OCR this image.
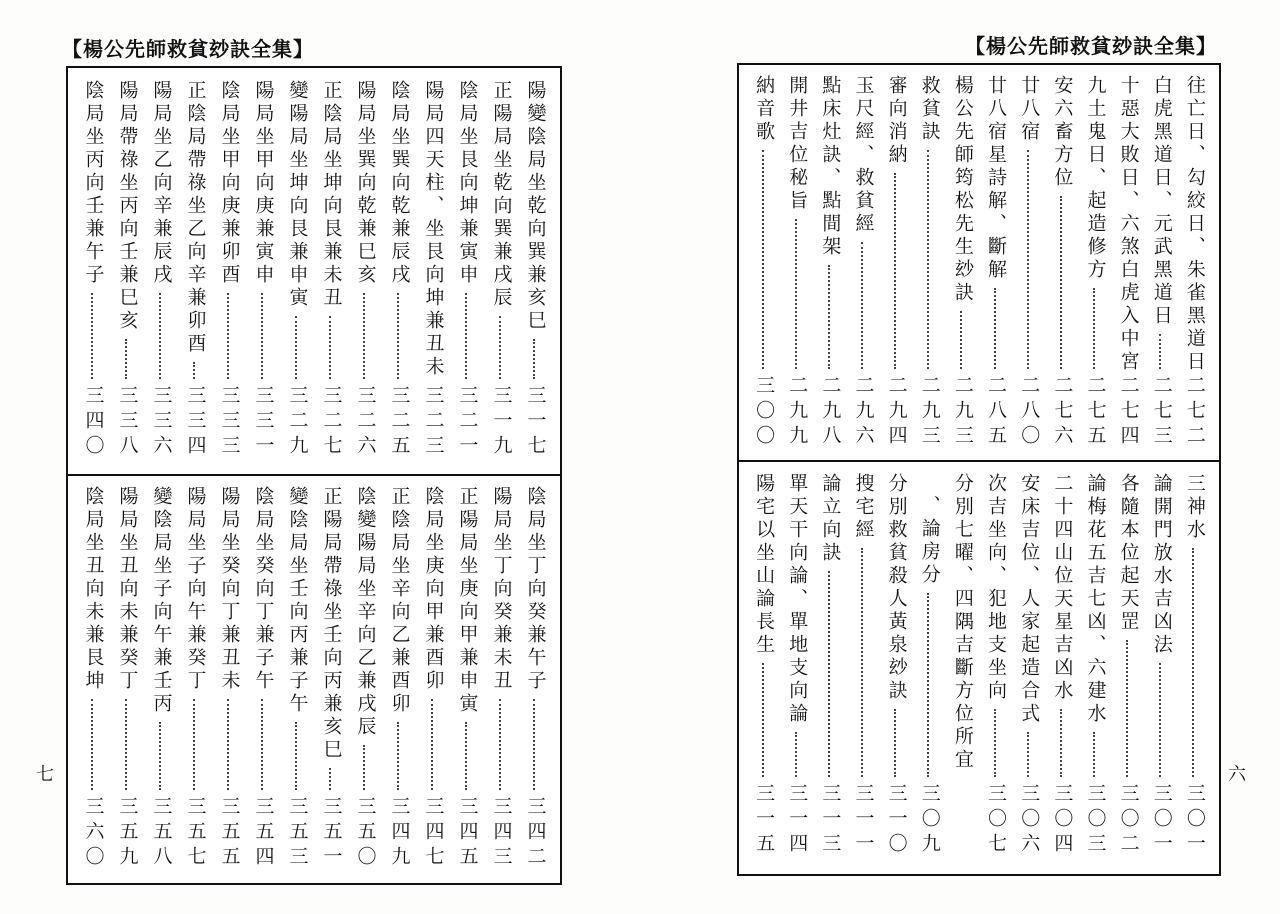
【楊公先師救貧玅訣全集】	【楊公先師救貧玅訣全集】
陽變陰局坐乾向巽兼亥巳
三一七
正陽局坐乾向巽兼戌辰
三一九
陰局坐艮向坤兼寅申
三二一
陽局四天柱、坐艮向坤兼丑未
三二三
陰局坐巽向乾兼辰戌
三二五
陽局坐巽向乾兼巳亥
三二六
正陰局坐坤向艮兼未丑
三二七
變陽局坐坤向艮兼申寅
三二九
陽局坐甲向庚兼寅申
三三一
陰局坐甲向庚兼卯酉
三三三
正陰局帶祿坐乙向辛兼卯酉
三三四
陽局坐乙向辛兼辰戌
三三六
陽局帶祿坐丙向壬兼巳亥
三三八
陰局坐丙向壬兼午子
三四〇
陰局坐丁向癸兼午子
三四二
陽局坐丁向癸兼未丑
三四三
正陽局坐庚向甲兼申寅
三四五
陰局坐庚向甲兼酉卯
三四七
正陰局坐辛向乙兼酉卯
三四九
陰變陽局坐辛向乙兼戌辰
三五〇
正陽局帶祿坐壬向丙兼亥巳
三五一
變陰局坐壬向丙兼子午
三五三
陰局坐癸向丁兼子午
三五四
陽局坐癸向丁兼丑未
三五五
陽局坐子向午兼癸丁
三五七
變陰局坐子向午兼壬丙
三五八
陽局坐丑向未兼癸丁
三五九
陰局坐丑向未兼艮坤
三六〇
往亡日、勾絞日、朱雀黑道日
二七二
白虎黑道日、元武黑道日
二七三
十惡大敗日、六煞白虎入中宮
二七四
九土鬼日、起造修方
二七五
安六畜方位
二七六
廿八宿
二八〇
廿八宿星詩解、斷解
二八五
楊公先師筠松先生玅訣
二九三
救貧訣
二九三
審向消納
二九四
玉尺經、救貧經
二九六
點床灶訣、點間架
二九八
開井吉位秘旨
二九九
納音歌
三〇〇
三神水
三〇一
論開門放水吉凶法
三〇一
各隨本位起天罡
三〇二
論梅花五吉七凶、六建水
三〇三
二十四山位天星吉凶水
三〇四
安床吉位、人家起造合式
三〇六
次吉坐向、犯地支坐向
三〇七
分別七曜、四隅吉斷方位所宜
、論房分
三〇九
分別救貧殺人黃泉玅訣
三一〇
搜宅經
三一一
論立向訣
三一三
單天干向論、單地支向論
三一四
陽宅以坐山論長生
三一五
七	六
